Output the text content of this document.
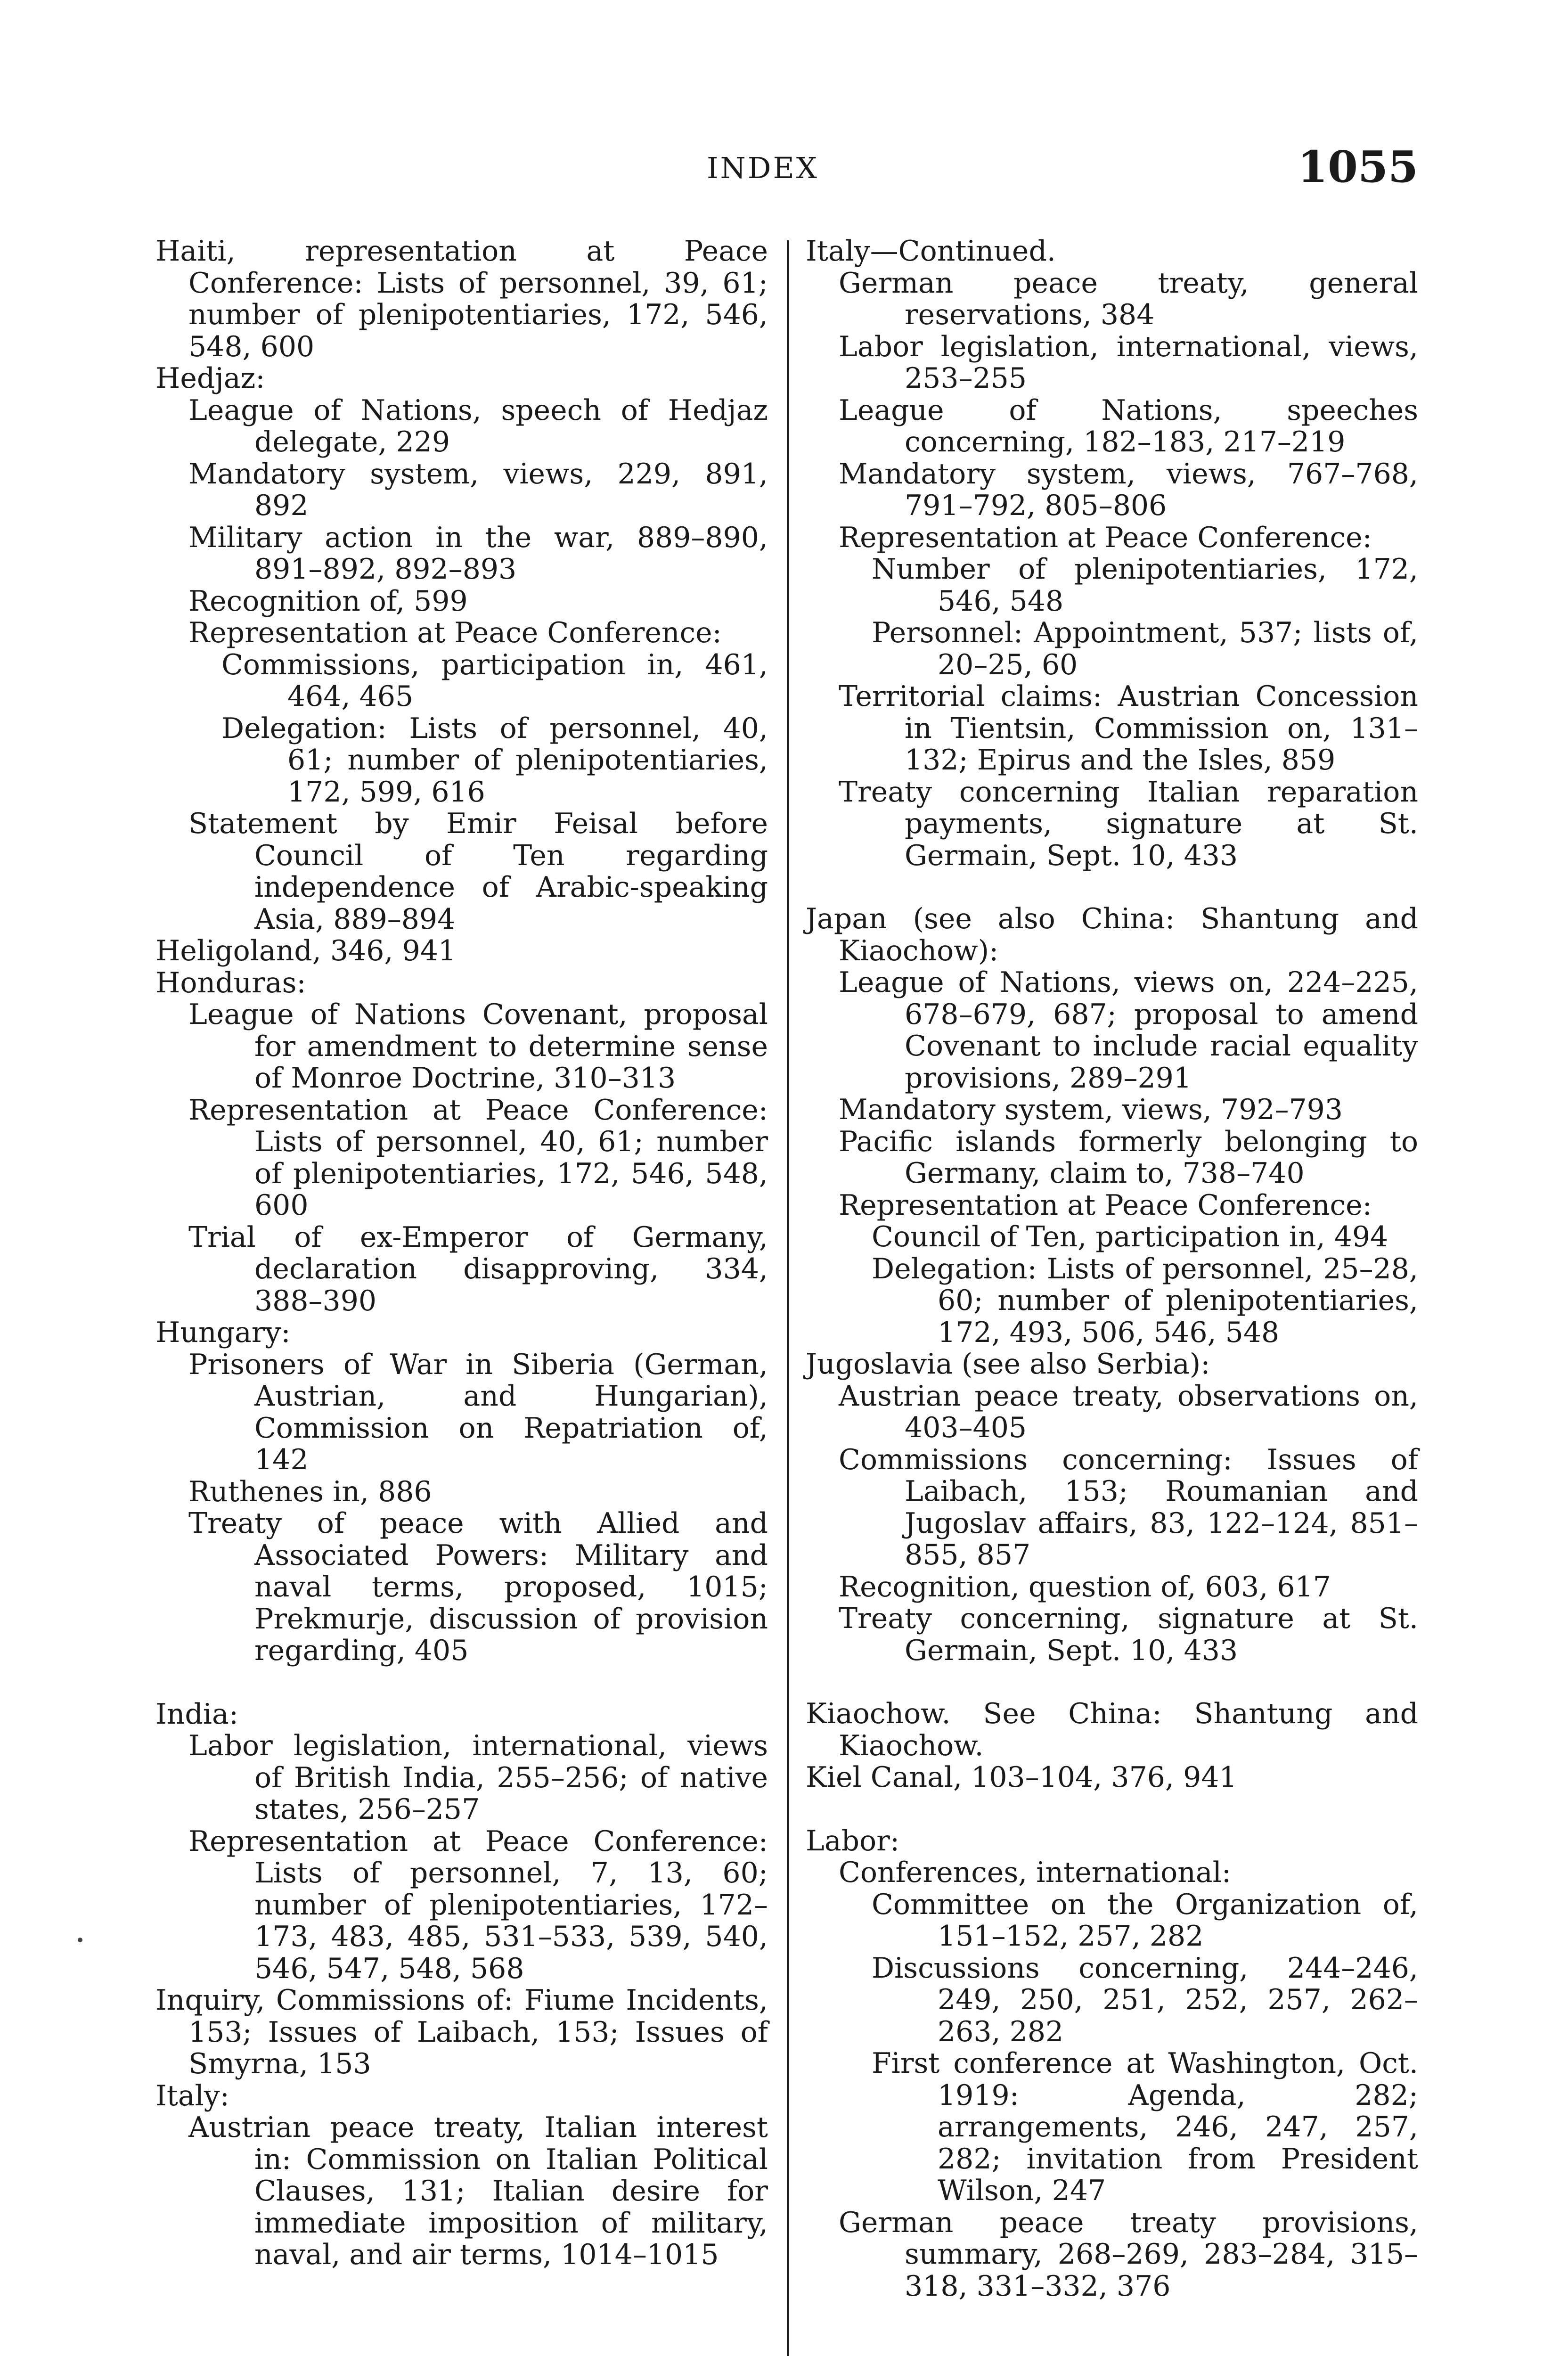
INDEX	1055
Haiti, representation at Peace Conference: Lists of personnel, 39, 61; number of plenipotentiaries, 172, 546, 548, 600
Hedjaz:
League of Nations, speech of Hedjaz delegate, 229
Mandatory system, views, 229, 891, 892
Military action in the war, 889–890, 891–892, 892–893
Recognition of, 599
Representation at Peace Conference:
Commissions, participation in, 461, 464, 465
Delegation: Lists of personnel, 40, 61; number of plenipotentiaries, 172, 599, 616
Statement by Emir Feisal before Council of Ten regarding independence of Arabic-speaking Asia, 889–894
Heligoland, 346, 941
Honduras:
League of Nations Covenant, proposal for amendment to determine sense of Monroe Doctrine, 310–313
Representation at Peace Conference: Lists of personnel, 40, 61; number of plenipotentiaries, 172, 546, 548, 600
Trial of ex-Emperor of Germany, declaration disapproving, 334, 388–390
Hungary:
Prisoners of War in Siberia (German, Austrian, and Hungarian), Commission on Repatriation of, 142
Ruthenes in, 886
Treaty of peace with Allied and Associated Powers: Military and naval terms, proposed, 1015; Prekmurje, discussion of provision regarding, 405
India:
Labor legislation, international, views of British India, 255–256; of native states, 256–257
Representation at Peace Conference: Lists of personnel, 7, 13, 60; number of plenipotentiaries, 172–173, 483, 485, 531–533, 539, 540, 546, 547, 548, 568
Inquiry, Commissions of: Fiume Incidents, 153; Issues of Laibach, 153; Issues of Smyrna, 153
Italy:
Austrian peace treaty, Italian interest in: Commission on Italian Political Clauses, 131; Italian desire for immediate imposition of military, naval, and air terms, 1014–1015
Italy—Continued.
German peace treaty, general reservations, 384
Labor legislation, international, views, 253–255
League of Nations, speeches concerning, 182–183, 217–219
Mandatory system, views, 767–768, 791–792, 805–806
Representation at Peace Conference:
Number of plenipotentiaries, 172, 546, 548
Personnel: Appointment, 537; lists of, 20–25, 60
Territorial claims: Austrian Concession in Tientsin, Commission on, 131–132; Epirus and the Isles, 859
Treaty concerning Italian reparation payments, signature at St. Germain, Sept. 10, 433
Japan (see also China: Shantung and Kiaochow):
League of Nations, views on, 224–225, 678–679, 687; proposal to amend Covenant to include racial equality provisions, 289–291
Mandatory system, views, 792–793
Pacific islands formerly belonging to Germany, claim to, 738–740
Representation at Peace Conference:
Council of Ten, participation in, 494
Delegation: Lists of personnel, 25–28, 60; number of plenipotentiaries, 172, 493, 506, 546, 548
Jugoslavia (see also Serbia):
Austrian peace treaty, observations on, 403–405
Commissions concerning: Issues of Laibach, 153; Roumanian and Jugoslav affairs, 83, 122–124, 851–855, 857
Recognition, question of, 603, 617
Treaty concerning, signature at St. Germain, Sept. 10, 433
Kiaochow. See China: Shantung and Kiaochow.
Kiel Canal, 103–104, 376, 941
Labor:
Conferences, international:
Committee on the Organization of, 151–152, 257, 282
Discussions concerning, 244–246, 249, 250, 251, 252, 257, 262–263, 282
First conference at Washington, Oct. 1919: Agenda, 282; arrangements, 246, 247, 257, 282; invitation from President Wilson, 247
German peace treaty provisions, summary, 268–269, 283–284, 315–318, 331–332, 376
